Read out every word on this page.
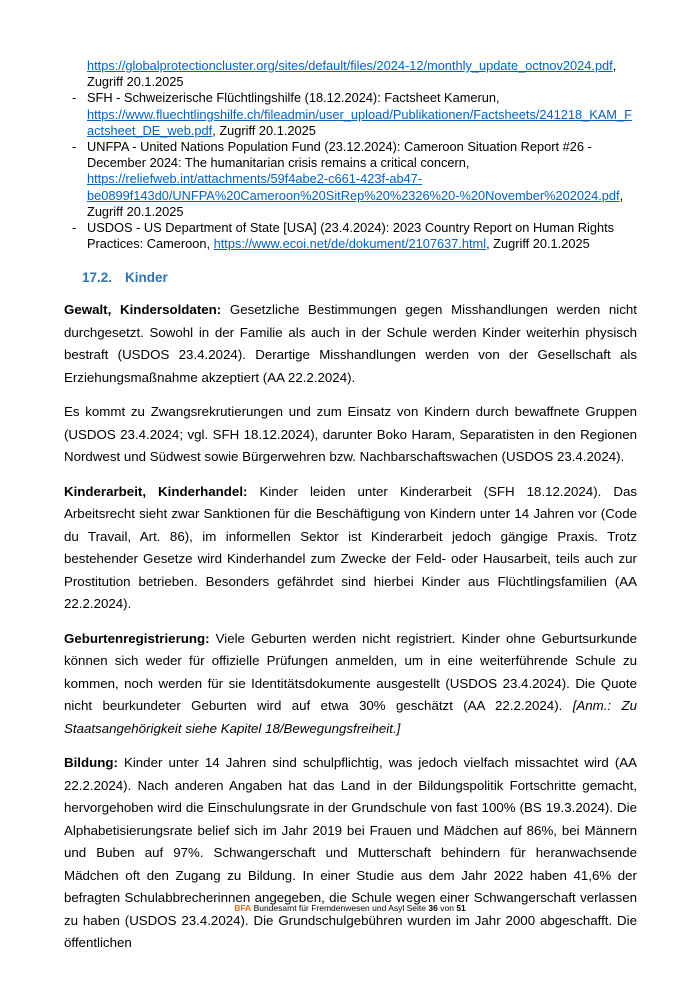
https://globalprotectioncluster.org/sites/default/files/2024-12/monthly_update_octnov2024.pdf, Zugriff 20.1.2025
- SFH - Schweizerische Flüchtlingshilfe (18.12.2024): Factsheet Kamerun, https://www.fluechtlingshilfe.ch/fileadmin/user_upload/Publikationen/Factsheets/241218_KAM_Factsheet_DE_web.pdf, Zugriff 20.1.2025
- UNFPA - United Nations Population Fund (23.12.2024): Cameroon Situation Report #26 - December 2024: The humanitarian crisis remains a critical concern, https://reliefweb.int/attachments/59f4abe2-c661-423f-ab47-be0899f143d0/UNFPA%20Cameroon%20SitRep%20%2326%20-%20November%202024.pdf, Zugriff 20.1.2025
- USDOS - US Department of State [USA] (23.4.2024): 2023 Country Report on Human Rights Practices: Cameroon, https://www.ecoi.net/de/dokument/2107637.html, Zugriff 20.1.2025
17.2. Kinder

Gewalt, Kindersoldaten: Gesetzliche Bestimmungen gegen Misshandlungen werden nicht durchgesetzt. Sowohl in der Familie als auch in der Schule werden Kinder weiterhin physisch bestraft (USDOS 23.4.2024). Derartige Misshandlungen werden von der Gesellschaft als Erziehungsmaßnahme akzeptiert (AA 22.2.2024).

Es kommt zu Zwangsrekrutierungen und zum Einsatz von Kindern durch bewaffnete Gruppen (USDOS 23.4.2024; vgl. SFH 18.12.2024), darunter Boko Haram, Separatisten in den Regionen Nordwest und Südwest sowie Bürgerwehren bzw. Nachbarschaftswachen (USDOS 23.4.2024).

Kinderarbeit, Kinderhandel: Kinder leiden unter Kinderarbeit (SFH 18.12.2024). Das Arbeitsrecht sieht zwar Sanktionen für die Beschäftigung von Kindern unter 14 Jahren vor (Code du Travail, Art. 86), im informellen Sektor ist Kinderarbeit jedoch gängige Praxis. Trotz bestehender Gesetze wird Kinderhandel zum Zwecke der Feld- oder Hausarbeit, teils auch zur Prostitution betrieben. Besonders gefährdet sind hierbei Kinder aus Flüchtlingsfamilien (AA 22.2.2024).

Geburtenregistrierung: Viele Geburten werden nicht registriert. Kinder ohne Geburtsurkunde können sich weder für offizielle Prüfungen anmelden, um in eine weiterführende Schule zu kommen, noch werden für sie Identitätsdokumente ausgestellt (USDOS 23.4.2024). Die Quote nicht beurkundeter Geburten wird auf etwa 30% geschätzt (AA 22.2.2024). [Anm.: Zu Staatsangehörigkeit siehe Kapitel 18/Bewegungsfreiheit.]

Bildung: Kinder unter 14 Jahren sind schulpflichtig, was jedoch vielfach missachtet wird (AA 22.2.2024). Nach anderen Angaben hat das Land in der Bildungspolitik Fortschritte gemacht, hervorgehoben wird die Einschulungsrate in der Grundschule von fast 100% (BS 19.3.2024). Die Alphabetisierungsrate belief sich im Jahr 2019 bei Frauen und Mädchen auf 86%, bei Männern und Buben auf 97%. Schwangerschaft und Mutterschaft behindern für heranwachsende Mädchen oft den Zugang zu Bildung. In einer Studie aus dem Jahr 2022 haben 41,6% der befragten Schulabbrecherinnen angegeben, die Schule wegen einer Schwangerschaft verlassen zu haben (USDOS 23.4.2024). Die Grundschulgebühren wurden im Jahr 2000 abgeschafft. Die öffentlichen

BFA Bundesamt für Fremdenwesen und Asyl Seite 36 von 51
